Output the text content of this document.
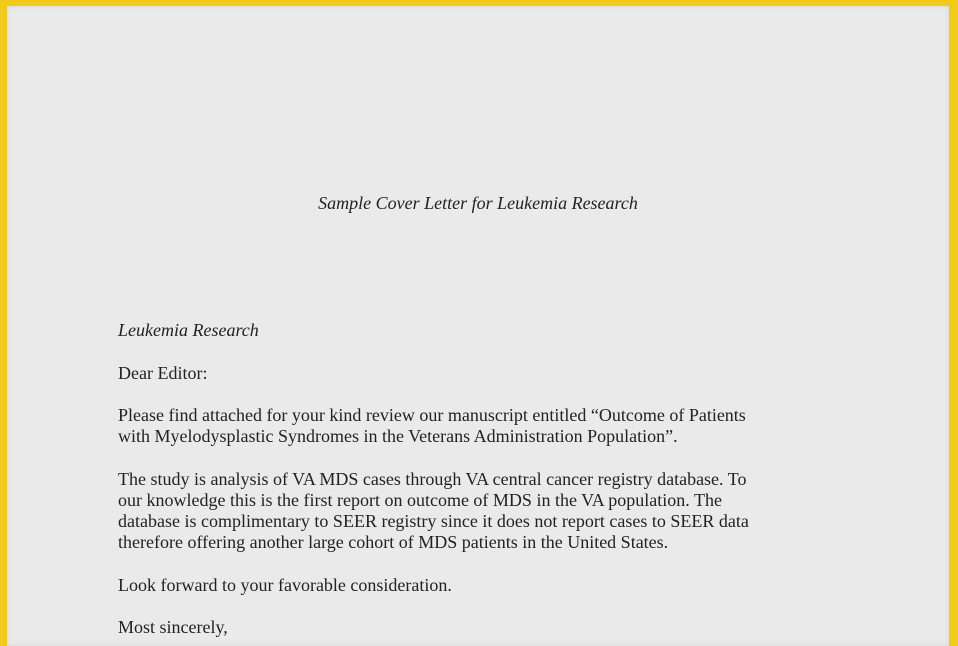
Sample Cover Letter for Leukemia Research
Leukemia Research
Dear Editor:
Please find attached for your kind review our manuscript entitled “Outcome of Patients
with Myelodysplastic Syndromes in the Veterans Administration Population”.
The study is analysis of VA MDS cases through VA central cancer registry database. To
our knowledge this is the first report on outcome of MDS in the VA population. The
database is complimentary to SEER registry since it does not report cases to SEER data
therefore offering another large cohort of MDS patients in the United States.
Look forward to your favorable consideration.
Most sincerely,
